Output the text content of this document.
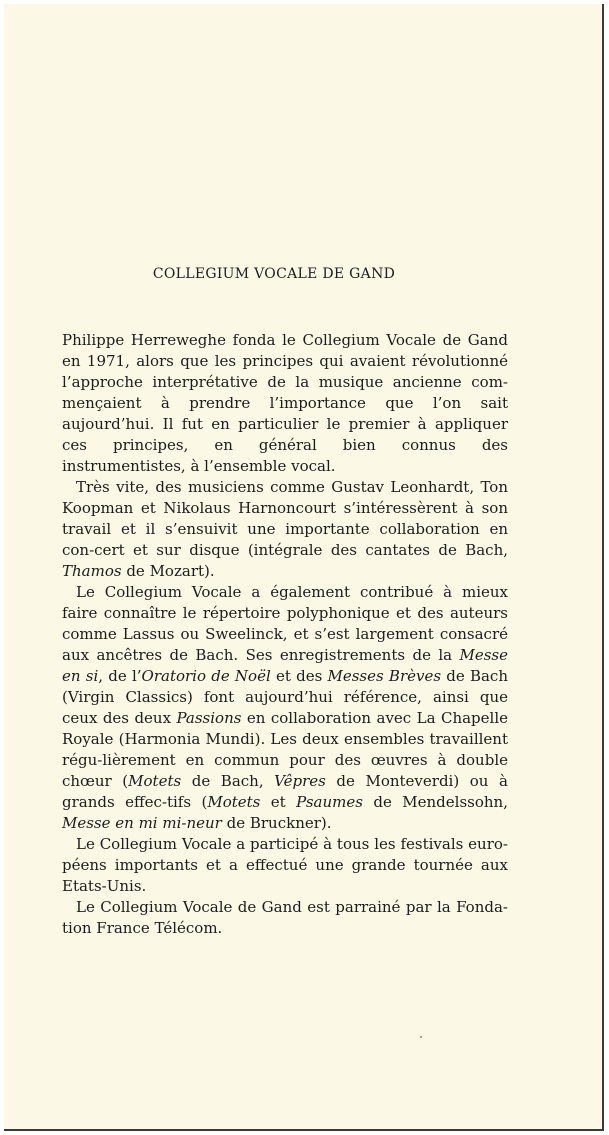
COLLEGIUM VOCALE DE GAND

Philippe Herreweghe fonda le Collegium Vocale de Gand en 1971, alors que les principes qui avaient révolutionné l’approche interprétative de la musique ancienne com-mençaient à prendre l’importance que l’on sait aujourd’hui. Il fut en particulier le premier à appliquer ces principes, en général bien connus des instrumentistes, à l’ensemble vocal.

Très vite, des musiciens comme Gustav Leonhardt, Ton Koopman et Nikolaus Harnoncourt s’intéressèrent à son travail et il s’ensuivit une importante collaboration en con-cert et sur disque (intégrale des cantates de Bach, Thamos de Mozart).

Le Collegium Vocale a également contribué à mieux faire connaître le répertoire polyphonique et des auteurs comme Lassus ou Sweelinck, et s’est largement consacré aux ancêtres de Bach. Ses enregistrements de la Messe en si, de l’Oratorio de Noël et des Messes Brèves de Bach (Virgin Classics) font aujourd’hui référence, ainsi que ceux des deux Passions en collaboration avec La Chapelle Royale (Harmonia Mundi). Les deux ensembles travaillent régu-lièrement en commun pour des œuvres à double chœur (Motets de Bach, Vêpres de Monteverdi) ou à grands effec-tifs (Motets et Psaumes de Mendelssohn, Messe en mi mi-neur de Bruckner).

Le Collegium Vocale a participé à tous les festivals euro-péens importants et a effectué une grande tournée aux Etats-Unis.

Le Collegium Vocale de Gand est parrainé par la Fonda-tion France Télécom.
